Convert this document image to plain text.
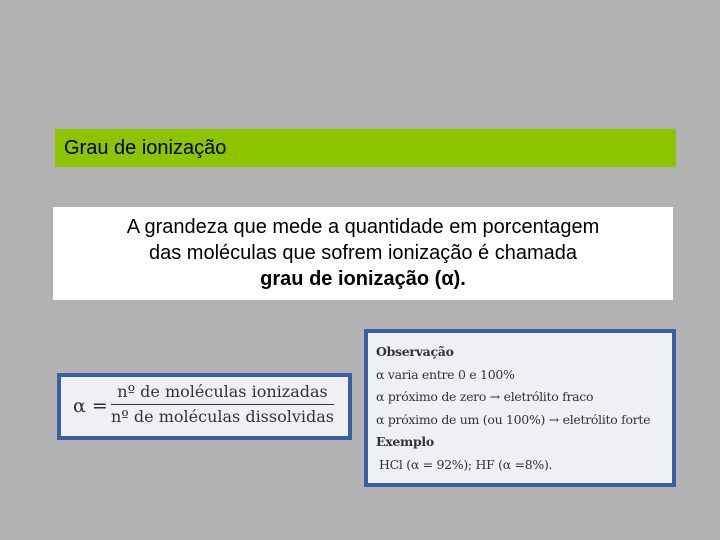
Grau de ionização
A grandeza que mede a quantidade em porcentagem
das moléculas que sofrem ionização é chamada
grau de ionização (α).
α =
nº de moléculas ionizadas
nº de moléculas dissolvidas
Observação
α varia entre 0 e 100%
α próximo de zero → eletrólito fraco
α próximo de um (ou 100%) → eletrólito forte
Exemplo
HCl (α = 92%); HF (α =8%).
